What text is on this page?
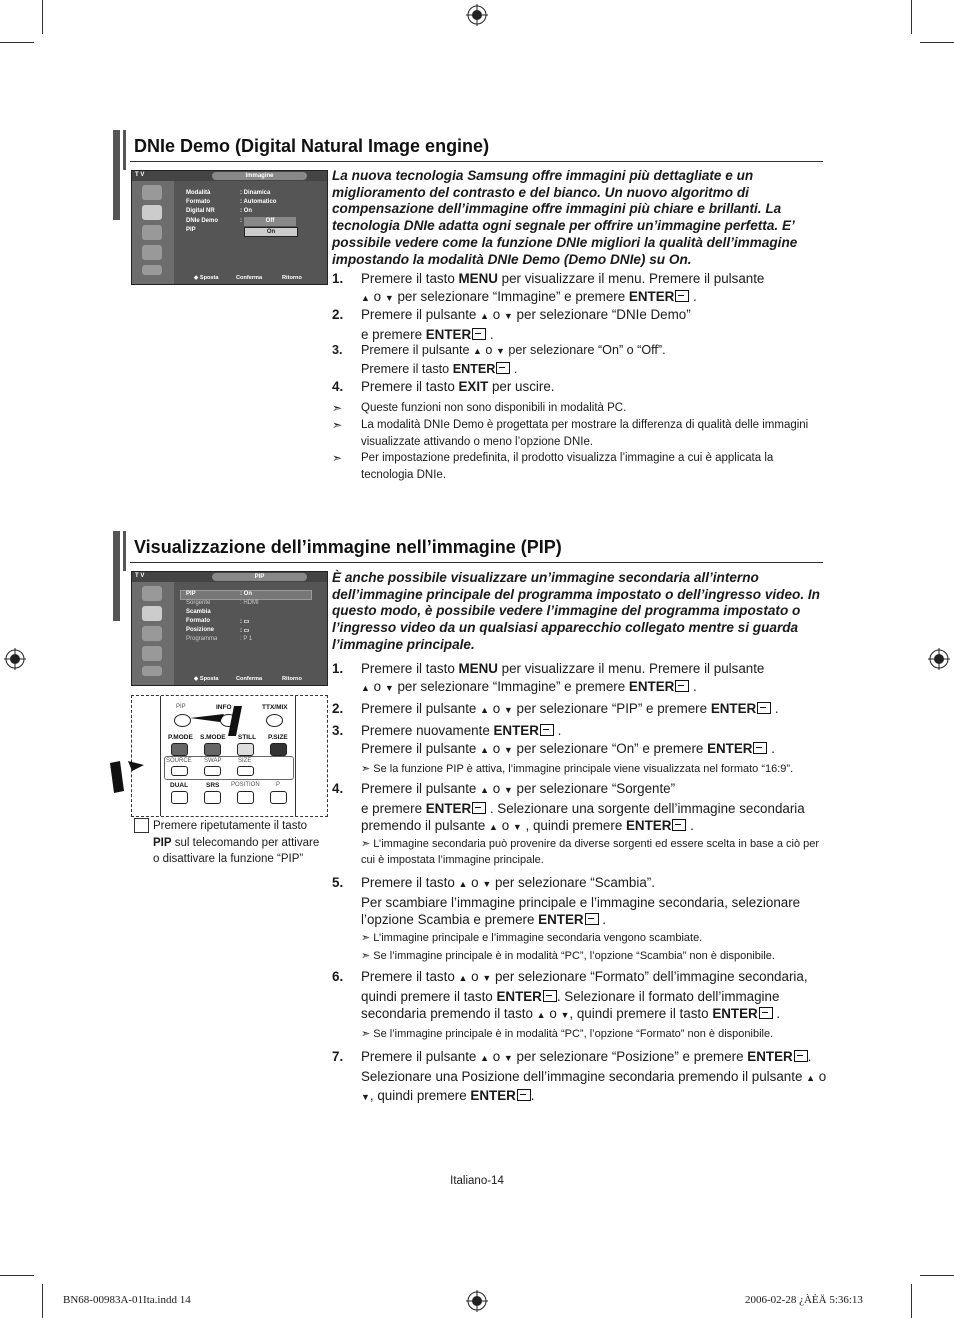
DNIe Demo (Digital Natural Image engine)
T V	Immagine
Modalità	: Dinamica
Formato	: Automatico
Digital NR	: On
DNIe Demo	:
PIP
Off
On
◆ Sposta	Conferma	Ritorno
La nuova tecnologia Samsung offre immagini più dettagliate e un miglioramento del contrasto e del bianco. Un nuovo algoritmo di compensazione dell’immagine offre immagini più chiare e brillanti. La tecnologia DNIe adatta ogni segnale per offrire un’immagine perfetta. E’ possibile vedere come la funzione DNIe migliori la qualità dell’immagine impostando la modalità DNIe Demo (Demo DNIe) su On.
1. Premere il tasto MENU per visualizzare il menu. Premere il pulsante
▲ o ▼ per selezionare “Immagine” e premere ENTER .
2. Premere il pulsante ▲ o ▼ per selezionare “DNIe Demo”
e premere ENTER .
3. Premere il pulsante ▲ o ▼ per selezionare “On” o “Off”.
Premere il tasto ENTER .
4. Premere il tasto EXIT per uscire.
➣ Queste funzioni non sono disponibili in modalità PC.
➣ La modalità DNIe Demo è progettata per mostrare la differenza di qualità delle immagini visualizzate attivando o meno l’opzione DNIe.
➣ Per impostazione predefinita, il prodotto visualizza l’immagine a cui è applicata la tecnologia DNIe.
Visualizzazione dell’immagine nell’immagine (PIP)
T V	PIP
PIP	: On
Sorgente	: HDMI
Scambia
Formato	: ▭
Posizione	: ▭
Programma	: P 1
◆ Sposta	Conferma	Ritorno
PIP	INFO	TTX/MIX
P.MODE S.MODE STILL P.SIZE
SOURCE SWAP	SIZE
DUAL	SRS POSITION	P
Premere ripetutamente il tasto PIP sul telecomando per attivare o disattivare la funzione “PIP”
È anche possibile visualizzare un’immagine secondaria all’interno dell’immagine principale del programma impostato o dell’ingresso video. In questo modo, è possibile vedere l’immagine del programma impostato o l’ingresso video da un qualsiasi apparecchio collegato mentre si guarda l’immagine principale.
1. Premere il tasto MENU per visualizzare il menu. Premere il pulsante
▲ o ▼ per selezionare “Immagine” e premere ENTER .
2. Premere il pulsante ▲ o ▼ per selezionare “PIP” e premere ENTER .
3. Premere nuovamente ENTER .
Premere il pulsante ▲ o ▼ per selezionare “On” e premere ENTER .
➣ Se la funzione PIP è attiva, l’immagine principale viene visualizzata nel formato “16:9”.
4. Premere il pulsante ▲ o ▼ per selezionare “Sorgente”
e premere ENTER . Selezionare una sorgente dell’immagine secondaria premendo il pulsante ▲ o ▼ , quindi premere ENTER .
➣ L’immagine secondaria può provenire da diverse sorgenti ed essere scelta in base a ciò per cui è impostata l’immagine principale.
5. Premere il tasto ▲ o ▼ per selezionare “Scambia”.
Per scambiare l’immagine principale e l’immagine secondaria, selezionare l’opzione Scambia e premere ENTER .
➣ L’immagine principale e l’immagine secondaria vengono scambiate.
➣ Se l’immagine principale è in modalità “PC”, l’opzione “Scambia” non è disponibile.
6. Premere il tasto ▲ o ▼ per selezionare “Formato” dell’immagine secondaria, quindi premere il tasto ENTER . Selezionare il formato dell’immagine secondaria premendo il tasto ▲ o ▼, quindi premere il tasto ENTER .
➣ Se l’immagine principale è in modalità “PC”, l’opzione “Formato” non è disponibile.
7. Premere il pulsante ▲ o ▼ per selezionare “Posizione” e premere ENTER . Selezionare una Posizione dell’immagine secondaria premendo il pulsante ▲ o ▼, quindi premere ENTER .
Italiano-14
BN68-00983A-01Ita.indd 14	2006-02-28 ¿ÀÈÄ 5:36:13
